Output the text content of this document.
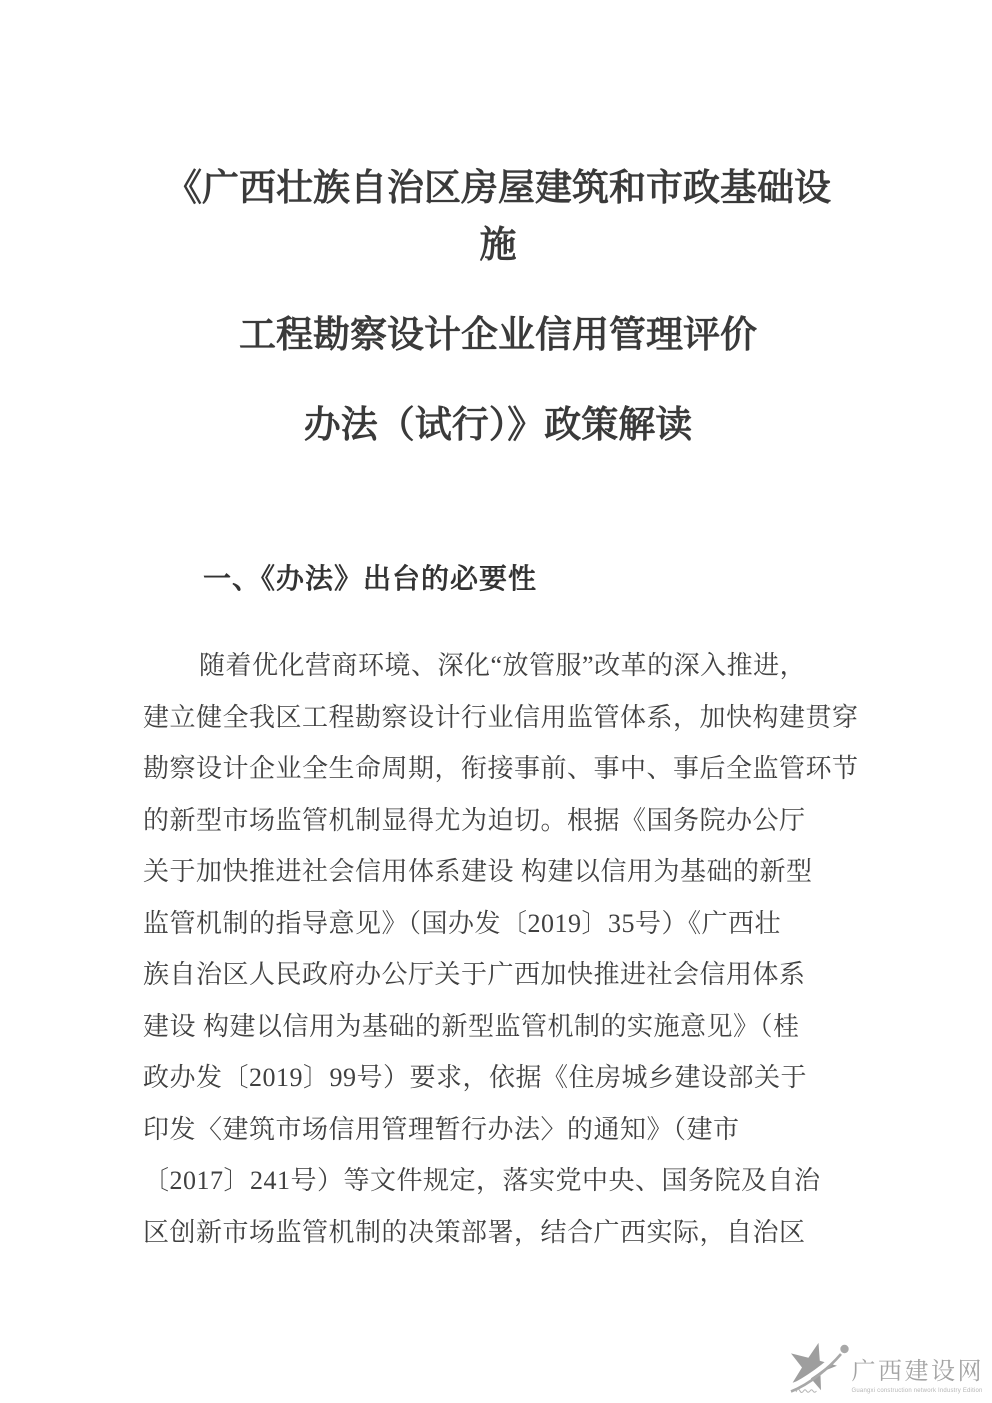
《广西壮族自治区房屋建筑和市政基础设
施
工程勘察设计企业信用管理评价
办法（试行）》政策解读
一、《办法》出台的必要性
随着优化营商环境、深化“放管服”改革的深入推进，
建立健全我区工程勘察设计行业信用监管体系，加快构建贯穿
勘察设计企业全生命周期，衔接事前、事中、事后全监管环节
的新型市场监管机制显得尤为迫切。根据《国务院办公厅
关于加快推进社会信用体系建设 构建以信用为基础的新型
监管机制的指导意见》（国办发〔2019〕35号）《广西壮
族自治区人民政府办公厅关于广西加快推进社会信用体系
建设 构建以信用为基础的新型监管机制的实施意见》（桂
政办发〔2019〕99号）要求，依据《住房城乡建设部关于
印发〈建筑市场信用管理暂行办法〉的通知》（建市
〔2017〕241号）等文件规定，落实党中央、国务院及自治
区创新市场监管机制的决策部署，结合广西实际，自治区
广西建设网
Guangxi construction network Industry Edition
